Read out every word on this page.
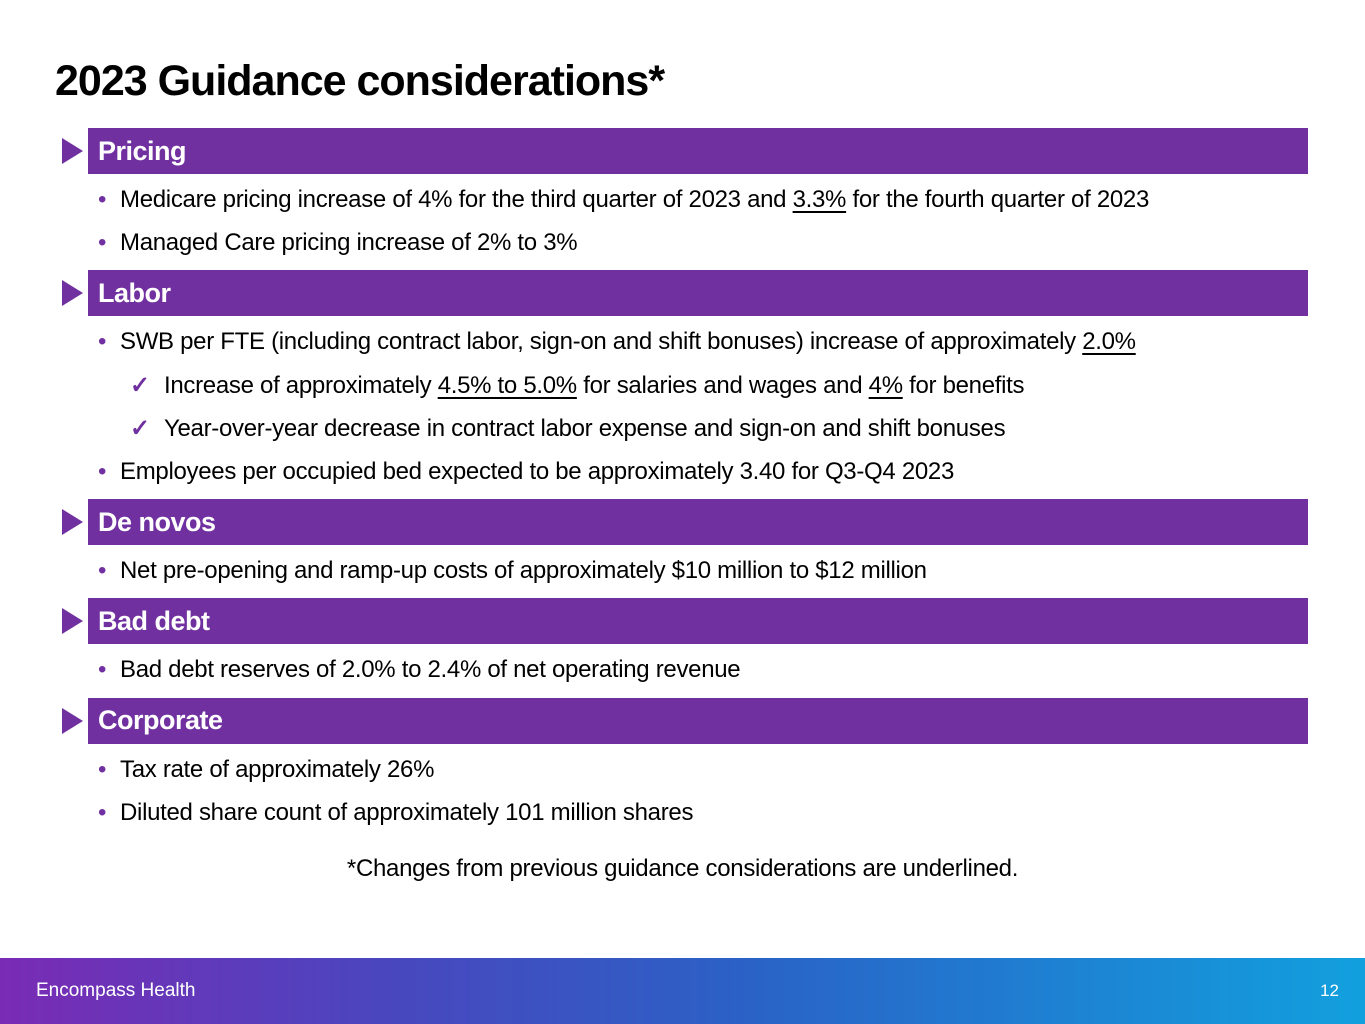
2023 Guidance considerations*
Pricing
• Medicare pricing increase of 4% for the third quarter of 2023 and 3.3% for the fourth quarter of 2023
• Managed Care pricing increase of 2% to 3%
Labor
• SWB per FTE (including contract labor, sign-on and shift bonuses) increase of approximately 2.0%
✓ Increase of approximately 4.5% to 5.0% for salaries and wages and 4% for benefits
✓ Year-over-year decrease in contract labor expense and sign-on and shift bonuses
• Employees per occupied bed expected to be approximately 3.40 for Q3-Q4 2023
De novos
• Net pre-opening and ramp-up costs of approximately $10 million to $12 million
Bad debt
• Bad debt reserves of 2.0% to 2.4% of net operating revenue
Corporate
• Tax rate of approximately 26%
• Diluted share count of approximately 101 million shares
*Changes from previous guidance considerations are underlined.
Encompass Health	12
